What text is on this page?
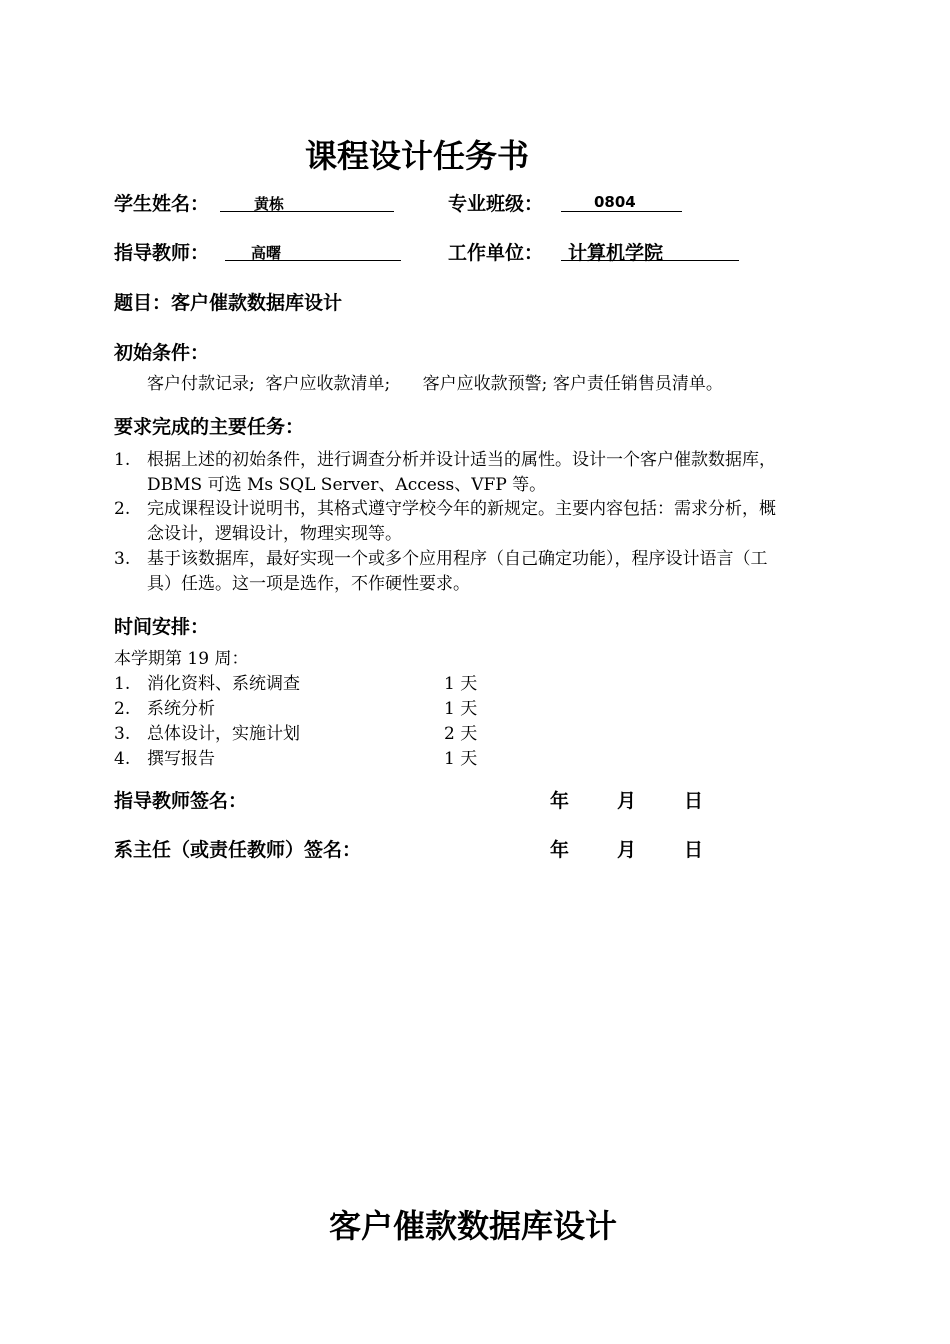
课程设计任务书
学生姓名：	黄栋	专业班级：	0804
指导教师：	高曙	工作单位： 计算机学院
题目：客户催款数据库设计
初始条件：
客户付款记录;  客户应收款清单;      客户应收款预警; 客户责任销售员清单。
要求完成的主要任务：
1. 根据上述的初始条件，进行调查分析并设计适当的属性。设计一个客户催款数据库，
DBMS 可选 Ms SQL Server、Access、VFP 等。
2. 完成课程设计说明书，其格式遵守学校今年的新规定。主要内容包括：需求分析，概
念设计，逻辑设计，物理实现等。
3. 基于该数据库，最好实现一个或多个应用程序（自己确定功能），程序设计语言（工
具）任选。这一项是选作，不作硬性要求。
时间安排：
本学期第 19 周：
1. 消化资料、系统调查	1 天
2. 系统分析	1 天
3. 总体设计，实施计划	2 天
4. 撰写报告	1 天
指导教师签名：	年	月	日
系主任（或责任教师）签名：	年	月	日
客户催款数据库设计
